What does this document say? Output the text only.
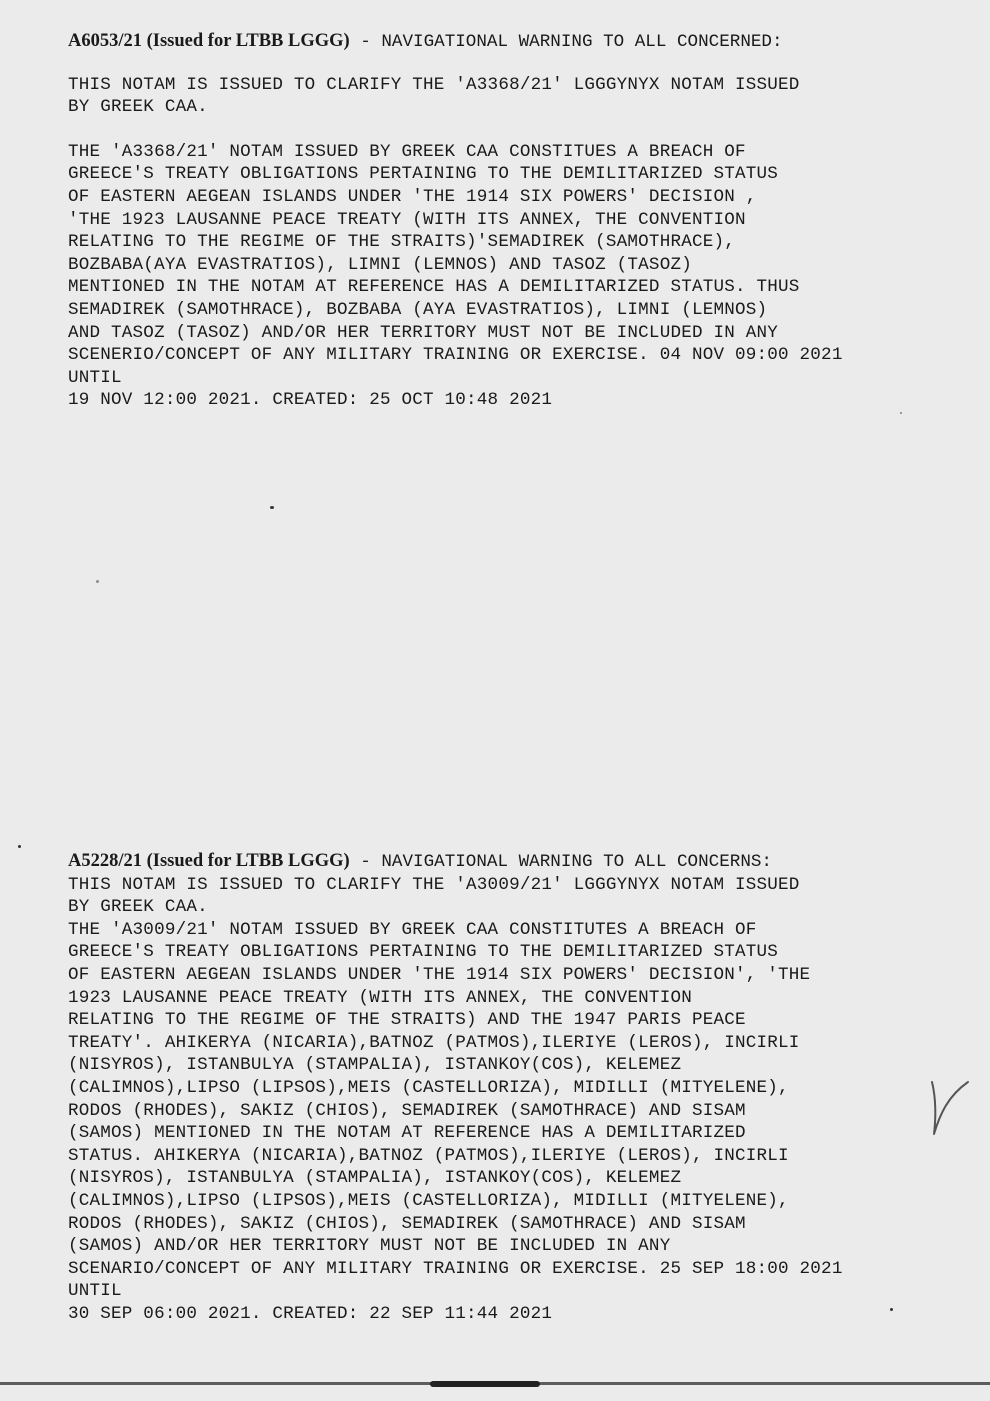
A6053/21 (Issued for LTBB LGGG) - NAVIGATIONAL WARNING TO ALL CONCERNED:
THIS NOTAM IS ISSUED TO CLARIFY THE 'A3368/21' LGGGYNYX NOTAM ISSUED
BY GREEK CAA.
THE 'A3368/21' NOTAM ISSUED BY GREEK CAA CONSTITUES A BREACH OF
GREECE'S TREATY OBLIGATIONS PERTAINING TO THE DEMILITARIZED STATUS
OF EASTERN AEGEAN ISLANDS UNDER 'THE 1914 SIX POWERS' DECISION ,
'THE 1923 LAUSANNE PEACE TREATY (WITH ITS ANNEX, THE CONVENTION
RELATING TO THE REGIME OF THE STRAITS)'SEMADIREK (SAMOTHRACE),
BOZBABA(AYA EVASTRATIOS), LIMNI (LEMNOS) AND TASOZ (TASOZ)
MENTIONED IN THE NOTAM AT REFERENCE HAS A DEMILITARIZED STATUS. THUS
SEMADIREK (SAMOTHRACE), BOZBABA (AYA EVASTRATIOS), LIMNI (LEMNOS)
AND TASOZ (TASOZ) AND/OR HER TERRITORY MUST NOT BE INCLUDED IN ANY
SCENERIO/CONCEPT OF ANY MILITARY TRAINING OR EXERCISE. 04 NOV 09:00 2021
UNTIL
19 NOV 12:00 2021. CREATED: 25 OCT 10:48 2021
A5228/21 (Issued for LTBB LGGG) - NAVIGATIONAL WARNING TO ALL CONCERNS:
THIS NOTAM IS ISSUED TO CLARIFY THE 'A3009/21' LGGGYNYX NOTAM ISSUED
BY GREEK CAA.
THE 'A3009/21' NOTAM ISSUED BY GREEK CAA CONSTITUTES A BREACH OF
GREECE'S TREATY OBLIGATIONS PERTAINING TO THE DEMILITARIZED STATUS
OF EASTERN AEGEAN ISLANDS UNDER 'THE 1914 SIX POWERS' DECISION', 'THE
1923 LAUSANNE PEACE TREATY (WITH ITS ANNEX, THE CONVENTION
RELATING TO THE REGIME OF THE STRAITS) AND THE 1947 PARIS PEACE
TREATY'. AHIKERYA (NICARIA),BATNOZ (PATMOS),ILERIYE (LEROS), INCIRLI
(NISYROS), ISTANBULYA (STAMPALIA), ISTANKOY(COS), KELEMEZ
(CALIMNOS),LIPSO (LIPSOS),MEIS (CASTELLORIZA), MIDILLI (MITYELENE),
RODOS (RHODES), SAKIZ (CHIOS), SEMADIREK (SAMOTHRACE) AND SISAM
(SAMOS) MENTIONED IN THE NOTAM AT REFERENCE HAS A DEMILITARIZED
STATUS. AHIKERYA (NICARIA),BATNOZ (PATMOS),ILERIYE (LEROS), INCIRLI
(NISYROS), ISTANBULYA (STAMPALIA), ISTANKOY(COS), KELEMEZ
(CALIMNOS),LIPSO (LIPSOS),MEIS (CASTELLORIZA), MIDILLI (MITYELENE),
RODOS (RHODES), SAKIZ (CHIOS), SEMADIREK (SAMOTHRACE) AND SISAM
(SAMOS) AND/OR HER TERRITORY MUST NOT BE INCLUDED IN ANY
SCENARIO/CONCEPT OF ANY MILITARY TRAINING OR EXERCISE. 25 SEP 18:00 2021
UNTIL
30 SEP 06:00 2021. CREATED: 22 SEP 11:44 2021
